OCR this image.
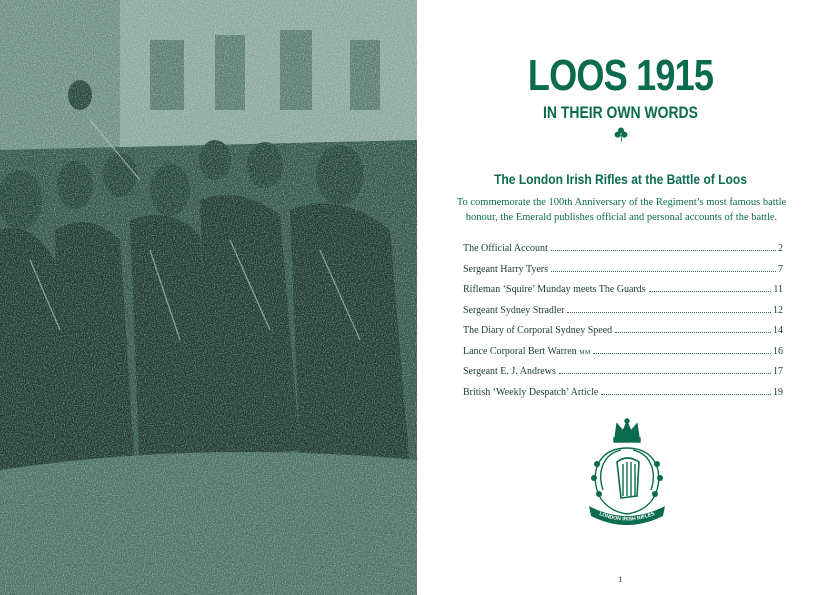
LOOS 1915
IN THEIR OWN WORDS
The London Irish Rifles at the Battle of Loos
To commemorate the 100th Anniversary of the Regiment’s most famous battle honour, the Emerald publishes official and personal accounts of the battle.
The Official Account	2
Sergeant Harry Tyers	7
Rifleman ‘Squire’ Munday meets The Guards	11
Sergeant Sydney Stradler	12
The Diary of Corporal Sydney Speed	14
Lance Corporal Bert Warren MM	16
Sergeant E. J. Andrews	17
British ‘Weekly Despatch’ Article	19
LONDON IRISH RIFLES
1
